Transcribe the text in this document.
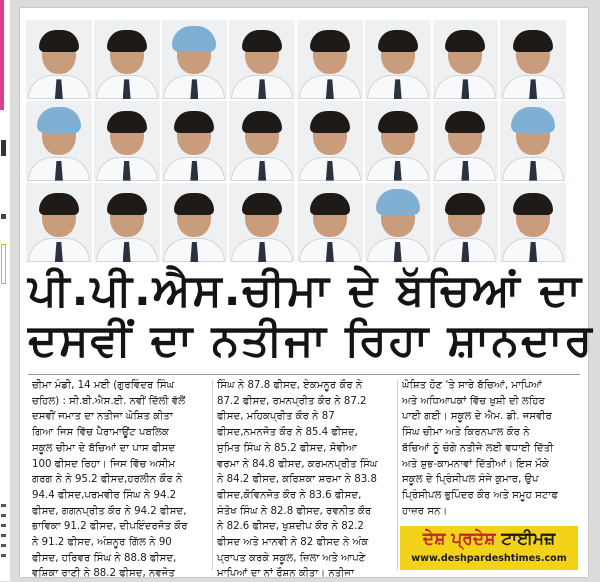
ਪੀ.ਪੀ.ਐਸ.ਚੀਮਾ ਦੇ ਬੱਚਿਆਂ ਦਾ
ਦਸਵੀਂ ਦਾ ਨਤੀਜਾ ਰਿਹਾ ਸ਼ਾਨਦਾਰ
ਚੀਮਾ ਮੰਡੀ, 14 ਮਈ (ਗੁਰਵਿੰਦਰ ਸਿੰਘ
ਚਹਿਲ) : ਸੀ.ਬੀ.ਐਸ.ਈ. ਨਵੀਂ ਦਿੱਲੀ ਵੱਲੋਂ
ਦਸਵੀਂ ਜਮਾਤ ਦਾ ਨਤੀਜਾ ਘੋਸ਼ਿਤ ਕੀਤਾ
ਗਿਆ ਜਿਸ ਵਿੱਚ ਪੈਰਾਮਾਊਂਟ ਪਬਲਿਕ
ਸਕੂਲ ਚੀਮਾ ਦੇ ਬੱਚਿਆਂ ਦਾ ਪਾਸ ਫੀਸਦ
100 ਫੀਸਦ ਰਿਹਾ। ਜਿਸ ਵਿੱਚ ਅਸੀਮ
ਗਰਗ ਨੇ ਨੇ 95.2 ਫੀਸਦ,ਹਰਲੀਨ ਕੌਰ ਨੇ
94.4 ਫੀਸਦ,ਪਰਮਵੀਰ ਸਿੰਘ ਨੇ 94.2
ਫੀਸਦ, ਗਗਨਪ੍ਰੀਤ ਕੌਰ ਨੇ 94.2 ਫੀਸਦ,
ਭਾਵਿਕਾ 91.2 ਫੀਸਦ, ਦੀਪਇੰਦਰਜੋਤ ਕੌਰ
ਨੇ 91.2 ਫੀਸਦ, ਅੰਸ਼ਨੂਰ ਗਿੱਲ ਨੇ 90
ਫੀਸਦ, ਹਰਿਵਰ ਸਿੰਘ ਨੇ 88.8 ਫੀਸਦ,
ਵਸ਼ਿਕਾ ਰਾਣੀ ਨੇ 88.2 ਫੀਸਦ, ਨਵਜੋਤ
ਸਿੰਘ ਨੇ 87.8 ਫੀਸਦ, ਏਕਮਨੂਰ ਕੌਰ ਨੇ
87.2 ਫੀਸਦ, ਰਮਨਪ੍ਰੀਤ ਕੌਰ ਨੇ 87.2
ਫੀਸਦ, ਮਹਿਕਪ੍ਰੀਤ ਕੌਰ ਨੇ 87
ਫੀਸਦ,ਨਮਨਜੋਤ ਕੌਰ ਨੇ 85.4 ਫੀਸਦ,
ਸੁਮਿਤ ਸਿੰਘ ਨੇ 85.2 ਫੀਸਦ, ਸੋਵੀਆ
ਵਰਮਾ ਨੇ 84.8 ਫੀਸਦ, ਕਰਮਨਪ੍ਰੀਤ ਸਿੰਘ
ਨੇ 84.2 ਫੀਸਦ, ਕਰਿਸ਼ਕਾ ਸ਼ਰਮਾ ਨੇ 83.8
ਫੀਸਦ,ਕੋਵਿਨਜੋਤ ਕੌਰ ਨੇ 83.6 ਫੀਸਦ,
ਸੰਤੋਖ ਸਿੰਘ ਨੇ 82.8 ਫੀਸਦ, ਰਵਨੀਤ ਕੌਰ
ਨੇ 82.6 ਫੀਸਦ, ਖੁਸ਼ਦੀਪ ਕੌਰ ਨੇ 82.2
ਫੀਸਦ ਅਤੇ ਮਾਨਵੀ ਨੇ 82 ਫੀਸਦ ਨੇ ਅੰਕ
ਪ੍ਰਾਪਤ ਕਰਕੇ ਸਕੂਲ, ਜ਼ਿਲਾ ਅਤੇ ਆਪਣੇ
ਮਾਪਿਆਂ ਦਾ ਨਾਂ ਰੌਸ਼ਨ ਕੀਤਾ। ਨਤੀਜਾ
ਘੋਸ਼ਿਤ ਹੋਣ 'ਤੇ ਸਾਰੇ ਬੱਚਿਆਂ, ਮਾਪਿਆਂ
ਅਤੇ ਅਧਿਆਪਕਾਂ ਵਿੱਚ ਖੁਸ਼ੀ ਦੀ ਲਹਿਰ
ਪਾਈ ਗਈ। ਸਕੂਲ ਦੇ ਐਮ. ਡੀ. ਜਸਵੀਰ
ਸਿੰਘ ਚੀਮਾ ਅਤੇ ਕਿਰਨਪਾਲ ਕੌਰ ਨੇ
ਬੱਚਿਆਂ ਨੂੰ ਚੰਗੇ ਨਤੀਜੇ ਲਈ ਵਧਾਈ ਦਿੱਤੀ
ਅਤੇ ਸ਼ੁਭ-ਕਾਮਨਾਵਾਂ ਦਿੱਤੀਆਂ। ਇਸ ਮੌਕੇ
ਸਕੂਲ ਦੇ ਪ੍ਰਿੰਸੀਪਲ ਸੰਜੇ ਕੁਮਾਰ, ਉਪ
ਪ੍ਰਿੰਸੀਪਲ ਭੁਪਿੰਦਰ ਕੌਰ ਅਤੇ ਸਮੂਹ ਸਟਾਫ
ਹਾਜ਼ਰ ਸਨ।
ਦੇਸ਼ ਪ੍ਰਦੇਸ਼ ਟਾਈਮਜ਼
www.deshpardeshtimes.com
